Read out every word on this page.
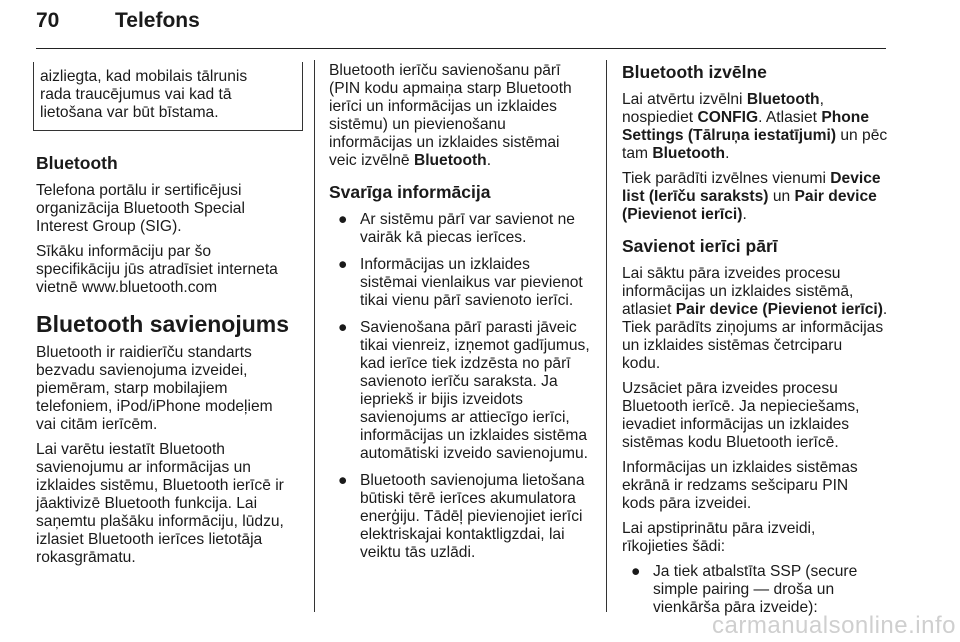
70	Telefons
aizliegta, kad mobilais tālrunis
rada traucējumus vai kad tā
lietošana var būt bīstama.
Bluetooth

Telefona portālu ir sertificējusi
organizācija Bluetooth Special
Interest Group (SIG).

Sīkāku informāciju par šo
specifikāciju jūs atradīsiet interneta
vietnē www.bluetooth.com

Bluetooth savienojums

Bluetooth ir raidierīču standarts
bezvadu savienojuma izveidei,
piemēram, starp mobilajiem
telefoniem, iPod/iPhone modeļiem
vai citām ierīcēm.

Lai varētu iestatīt Bluetooth
savienojumu ar informācijas un
izklaides sistēmu, Bluetooth ierīcē ir
jāaktivizē Bluetooth funkcija. Lai
saņemtu plašāku informāciju, lūdzu,
izlasiet Bluetooth ierīces lietotāja
rokasgrāmatu.

Bluetooth ierīču savienošanu pārī
(PIN kodu apmaiņa starp Bluetooth
ierīci un informācijas un izklaides
sistēmu) un pievienošanu
informācijas un izklaides sistēmai
veic izvēlnē Bluetooth.

Svarīga informācija
● Ar sistēmu pārī var savienot ne
vairāk kā piecas ierīces.
● Informācijas un izklaides
sistēmai vienlaikus var pievienot
tikai vienu pārī savienoto ierīci.
● Savienošana pārī parasti jāveic
tikai vienreiz, izņemot gadījumus,
kad ierīce tiek izdzēsta no pārī
savienoto ierīču saraksta. Ja
iepriekš ir bijis izveidots
savienojums ar attiecīgo ierīci,
informācijas un izklaides sistēma
automātiski izveido savienojumu.
● Bluetooth savienojuma lietošana
būtiski tērē ierīces akumulatora
enerģiju. Tādēļ pievienojiet ierīci
elektriskajai kontaktligzdai, lai
veiktu tās uzlādi.
Bluetooth izvēlne

Lai atvērtu izvēlni Bluetooth,
nospiediet CONFIG. Atlasiet Phone
Settings (Tālruņa iestatījumi) un pēc
tam Bluetooth.

Tiek parādīti izvēlnes vienumi Device
list (Ierīču saraksts) un Pair device
(Pievienot ierīci).

Savienot ierīci pārī

Lai sāktu pāra izveides procesu
informācijas un izklaides sistēmā,
atlasiet Pair device (Pievienot ierīci).
Tiek parādīts ziņojums ar informācijas
un izklaides sistēmas četrciparu
kodu.

Uzsāciet pāra izveides procesu
Bluetooth ierīcē. Ja nepieciešams,
ievadiet informācijas un izklaides
sistēmas kodu Bluetooth ierīcē.

Informācijas un izklaides sistēmas
ekrānā ir redzams sešciparu PIN
kods pāra izveidei.

Lai apstiprinātu pāra izveidi,
rīkojieties šādi:

● Ja tiek atbalstīta SSP (secure
simple pairing — droša un
vienkārša pāra izveide):
carmanualsonline.info
